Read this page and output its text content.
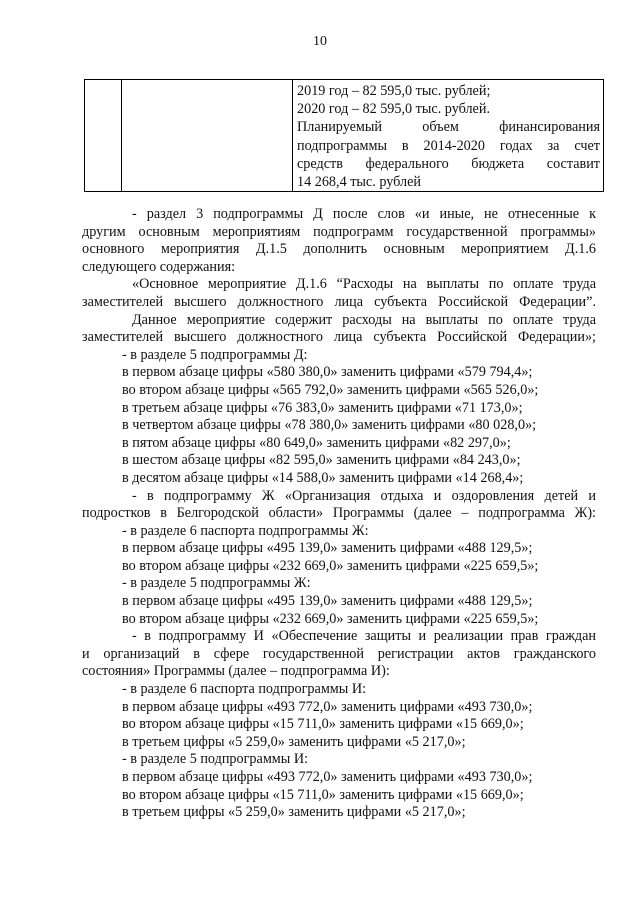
10

2019 год – 82 595,0 тыс. рублей;
2020 год – 82 595,0 тыс. рублей.
Планируемый объем финансирования
подпрограммы в 2014-2020 годах за счет
средств федерального бюджета составит
14 268,4 тыс. рублей
- раздел 3 подпрограммы Д после слов «и иные, не отнесенные к
другим основным мероприятиям подпрограмм государственной программы»
основного мероприятия Д.1.5 дополнить основным мероприятием Д.1.6
следующего содержания:
«Основное мероприятие Д.1.6 “Расходы на выплаты по оплате труда
заместителей высшего должностного лица субъекта Российской Федерации”.
Данное мероприятие содержит расходы на выплаты по оплате труда
заместителей высшего должностного лица субъекта Российской Федерации»;
- в разделе 5 подпрограммы Д:
в первом абзаце цифры «580 380,0» заменить цифрами «579 794,4»;
во втором абзаце цифры «565 792,0» заменить цифрами «565 526,0»;
в третьем абзаце цифры «76 383,0» заменить цифрами «71 173,0»;
в четвертом абзаце цифры «78 380,0» заменить цифрами «80 028,0»;
в пятом абзаце цифры «80 649,0» заменить цифрами «82 297,0»;
в шестом абзаце цифры «82 595,0» заменить цифрами «84 243,0»;
в десятом абзаце цифры «14 588,0» заменить цифрами «14 268,4»;
- в подпрограмму Ж «Организация отдыха и оздоровления детей и
подростков в Белгородской области» Программы (далее – подпрограмма Ж):
- в разделе 6 паспорта подпрограммы Ж:
в первом абзаце цифры «495 139,0» заменить цифрами «488 129,5»;
во втором абзаце цифры «232 669,0» заменить цифрами «225 659,5»;
- в разделе 5 подпрограммы Ж:
в первом абзаце цифры «495 139,0» заменить цифрами «488 129,5»;
во втором абзаце цифры «232 669,0» заменить цифрами «225 659,5»;
- в подпрограмму И «Обеспечение защиты и реализации прав граждан
и организаций в сфере государственной регистрации актов гражданского
состояния» Программы (далее – подпрограмма И):
- в разделе 6 паспорта подпрограммы И:
в первом абзаце цифры «493 772,0» заменить цифрами «493 730,0»;
во втором абзаце цифры «15 711,0» заменить цифрами «15 669,0»;
в третьем цифры «5 259,0» заменить цифрами «5 217,0»;
- в разделе 5 подпрограммы И:
в первом абзаце цифры «493 772,0» заменить цифрами «493 730,0»;
во втором абзаце цифры «15 711,0» заменить цифрами «15 669,0»;
в третьем цифры «5 259,0» заменить цифрами «5 217,0»;
